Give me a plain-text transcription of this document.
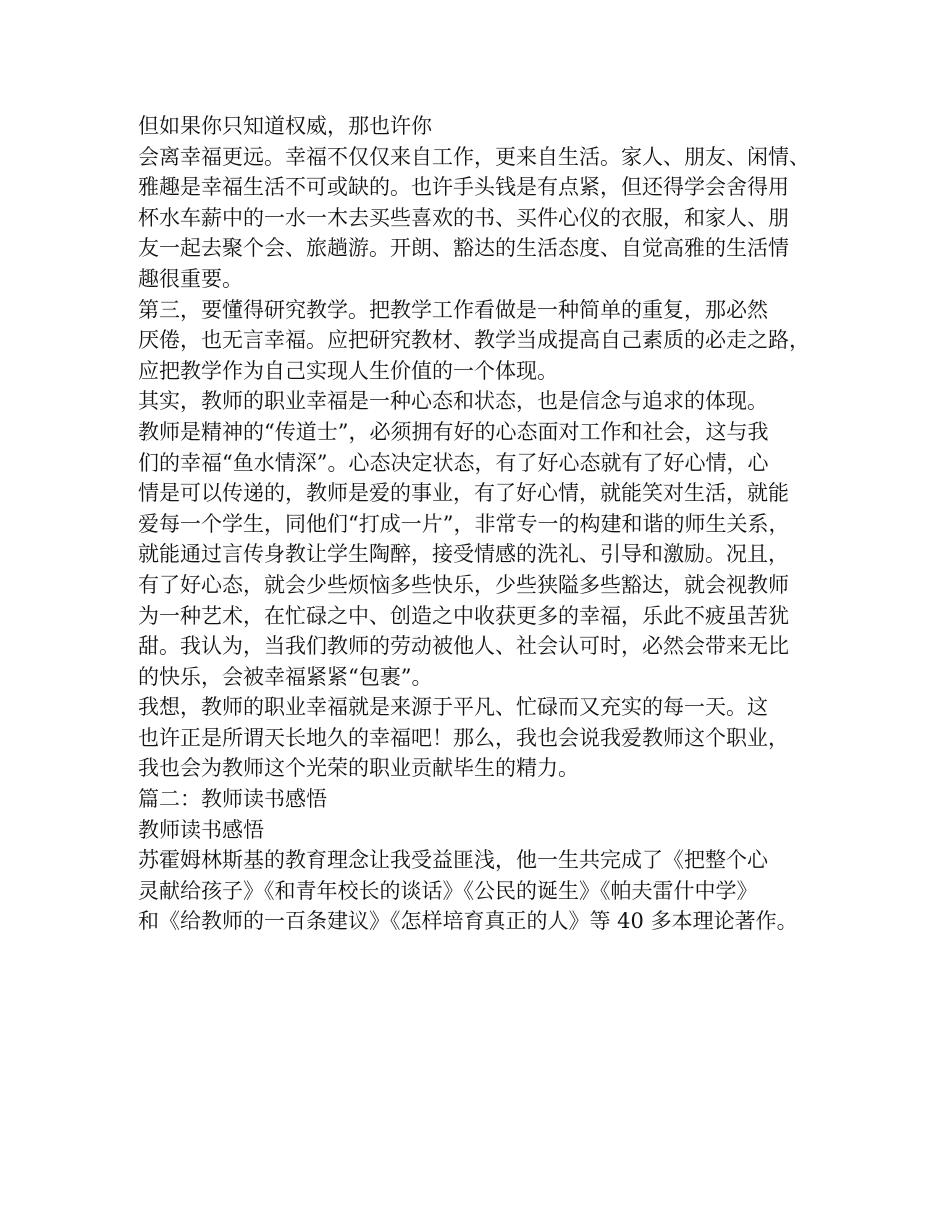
但如果你只知道权威，那也许你
会离幸福更远。幸福不仅仅来自工作，更来自生活。家人、朋友、闲情、
雅趣是幸福生活不可或缺的。也许手头钱是有点紧，但还得学会舍得用
杯水车薪中的一水一木去买些喜欢的书、买件心仪的衣服，和家人、朋
友一起去聚个会、旅趟游。开朗、豁达的生活态度、自觉高雅的生活情
趣很重要。
第三，要懂得研究教学。把教学工作看做是一种简单的重复，那必然
厌倦，也无言幸福。应把研究教材、教学当成提高自己素质的必走之路，
应把教学作为自己实现人生价值的一个体现。
其实，教师的职业幸福是一种心态和状态，也是信念与追求的体现。
教师是精神的“传道士”，必须拥有好的心态面对工作和社会，这与我
们的幸福“鱼水情深”。心态决定状态，有了好心态就有了好心情，心
情是可以传递的，教师是爱的事业，有了好心情，就能笑对生活，就能
爱每一个学生，同他们“打成一片”，非常专一的构建和谐的师生关系，
就能通过言传身教让学生陶醉，接受情感的洗礼、引导和激励。况且，
有了好心态，就会少些烦恼多些快乐，少些狭隘多些豁达，就会视教师
为一种艺术，在忙碌之中、创造之中收获更多的幸福，乐此不疲虽苦犹
甜。我认为，当我们教师的劳动被他人、社会认可时，必然会带来无比
的快乐，会被幸福紧紧“包裹”。
我想，教师的职业幸福就是来源于平凡、忙碌而又充实的每一天。这
也许正是所谓天长地久的幸福吧！那么，我也会说我爱教师这个职业，
我也会为教师这个光荣的职业贡献毕生的精力。
篇二：教师读书感悟
教师读书感悟
苏霍姆林斯基的教育理念让我受益匪浅，他一生共完成了《把整个心
灵献给孩子》《和青年校长的谈话》《公民的诞生》《帕夫雷什中学》
和《给教师的一百条建议》《怎样培育真正的人》等 40 多本理论著作。
